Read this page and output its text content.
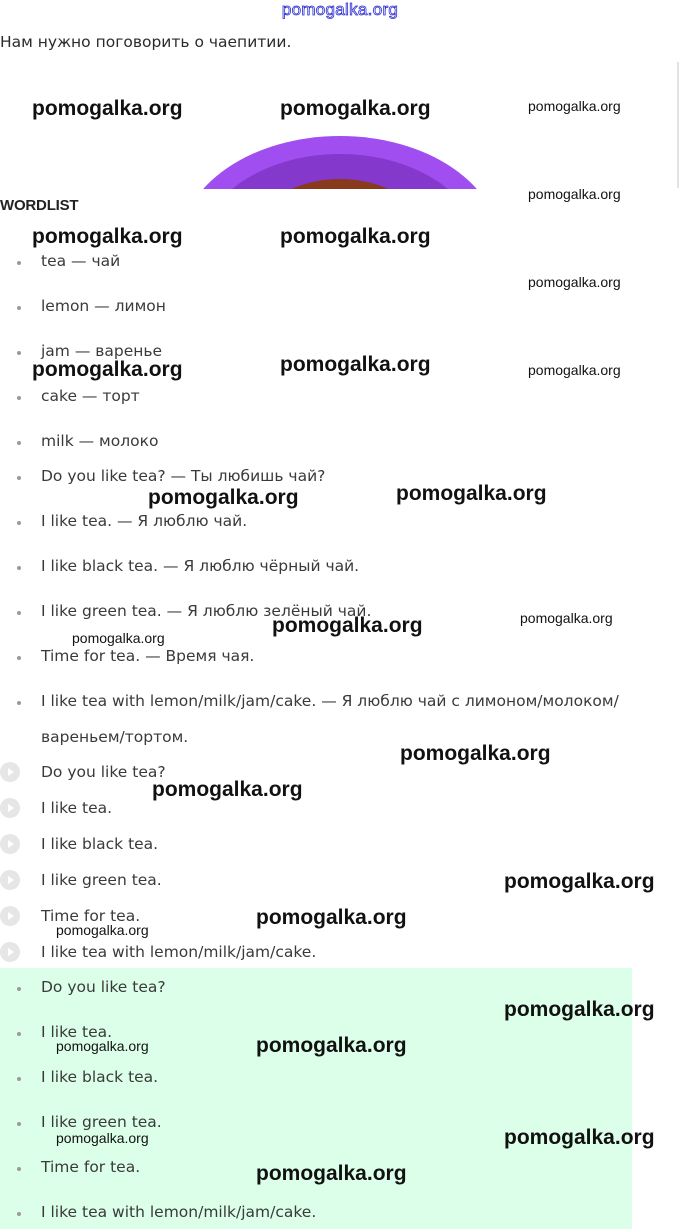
pomogalka.org
Нам нужно поговорить о чаепитии.
WORDLIST
tea — чай
lemon — лимон
jam — варенье
cake — торт
milk — молоко
Do you like tea? — Ты любишь чай?
I like tea. — Я люблю чай.
I like black tea. — Я люблю чёрный чай.
I like green tea. — Я люблю зелёный чай.
Time for tea. — Время чая.
I like tea with lemon/milk/jam/cake. — Я люблю чай с лимоном/молоком/
вареньем/тортом.
Do you like tea?
I like tea.
I like black tea.
I like green tea.
Time for tea.
I like tea with lemon/milk/jam/cake.
Do you like tea?
I like tea.
I like black tea.
I like green tea.
Time for tea.
I like tea with lemon/milk/jam/cake.
pomogalka.org	pomogalka.org	pomogalka.org
pomogalka.org
pomogalka.org	pomogalka.org
pomogalka.org
pomogalka.org
pomogalka.org	pomogalka.org
pomogalka.org
pomogalka.org
pomogalka.org
pomogalka.org
pomogalka.org
pomogalka.org
pomogalka.org
pomogalka.org
pomogalka.org
pomogalka.org
pomogalka.org
pomogalka.org
pomogalka.org
pomogalka.org
pomogalka.org
pomogalka.org
